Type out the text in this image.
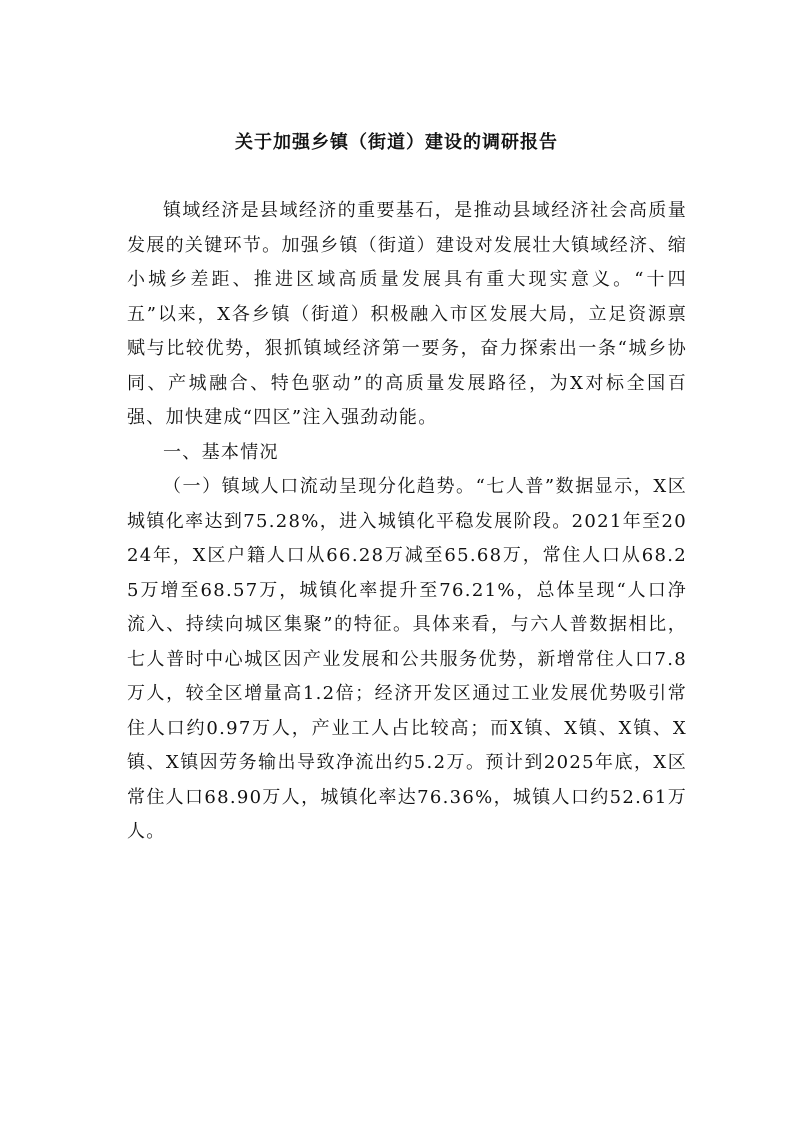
关于加强乡镇（街道）建设的调研报告

镇域经济是县域经济的重要基石，是推动县域经济社会高质量发展的关键环节。加强乡镇（街道）建设对发展壮大镇域经济、缩小城乡差距、推进区域高质量发展具有重大现实意义。“十四五”以来，X各乡镇（街道）积极融入市区发展大局，立足资源禀赋与比较优势，狠抓镇域经济第一要务，奋力探索出一条“城乡协同、产城融合、特色驱动”的高质量发展路径，为X对标全国百强、加快建成“四区”注入强劲动能。

一、基本情况

（一）镇域人口流动呈现分化趋势。“七人普”数据显示，X区城镇化率达到75.28%，进入城镇化平稳发展阶段。2021年至2024年，X区户籍人口从66.28万减至65.68万，常住人口从68.25万增至68.57万，城镇化率提升至76.21%，总体呈现“人口净流入、持续向城区集聚”的特征。具体来看，与六人普数据相比，七人普时中心城区因产业发展和公共服务优势，新增常住人口7.8万人，较全区增量高1.2倍；经济开发区通过工业发展优势吸引常住人口约0.97万人，产业工人占比较高；而X镇、X镇、X镇、X镇、X镇因劳务输出导致净流出约5.2万。预计到2025年底，X区常住人口68.90万人，城镇化率达76.36%，城镇人口约52.61万人。
